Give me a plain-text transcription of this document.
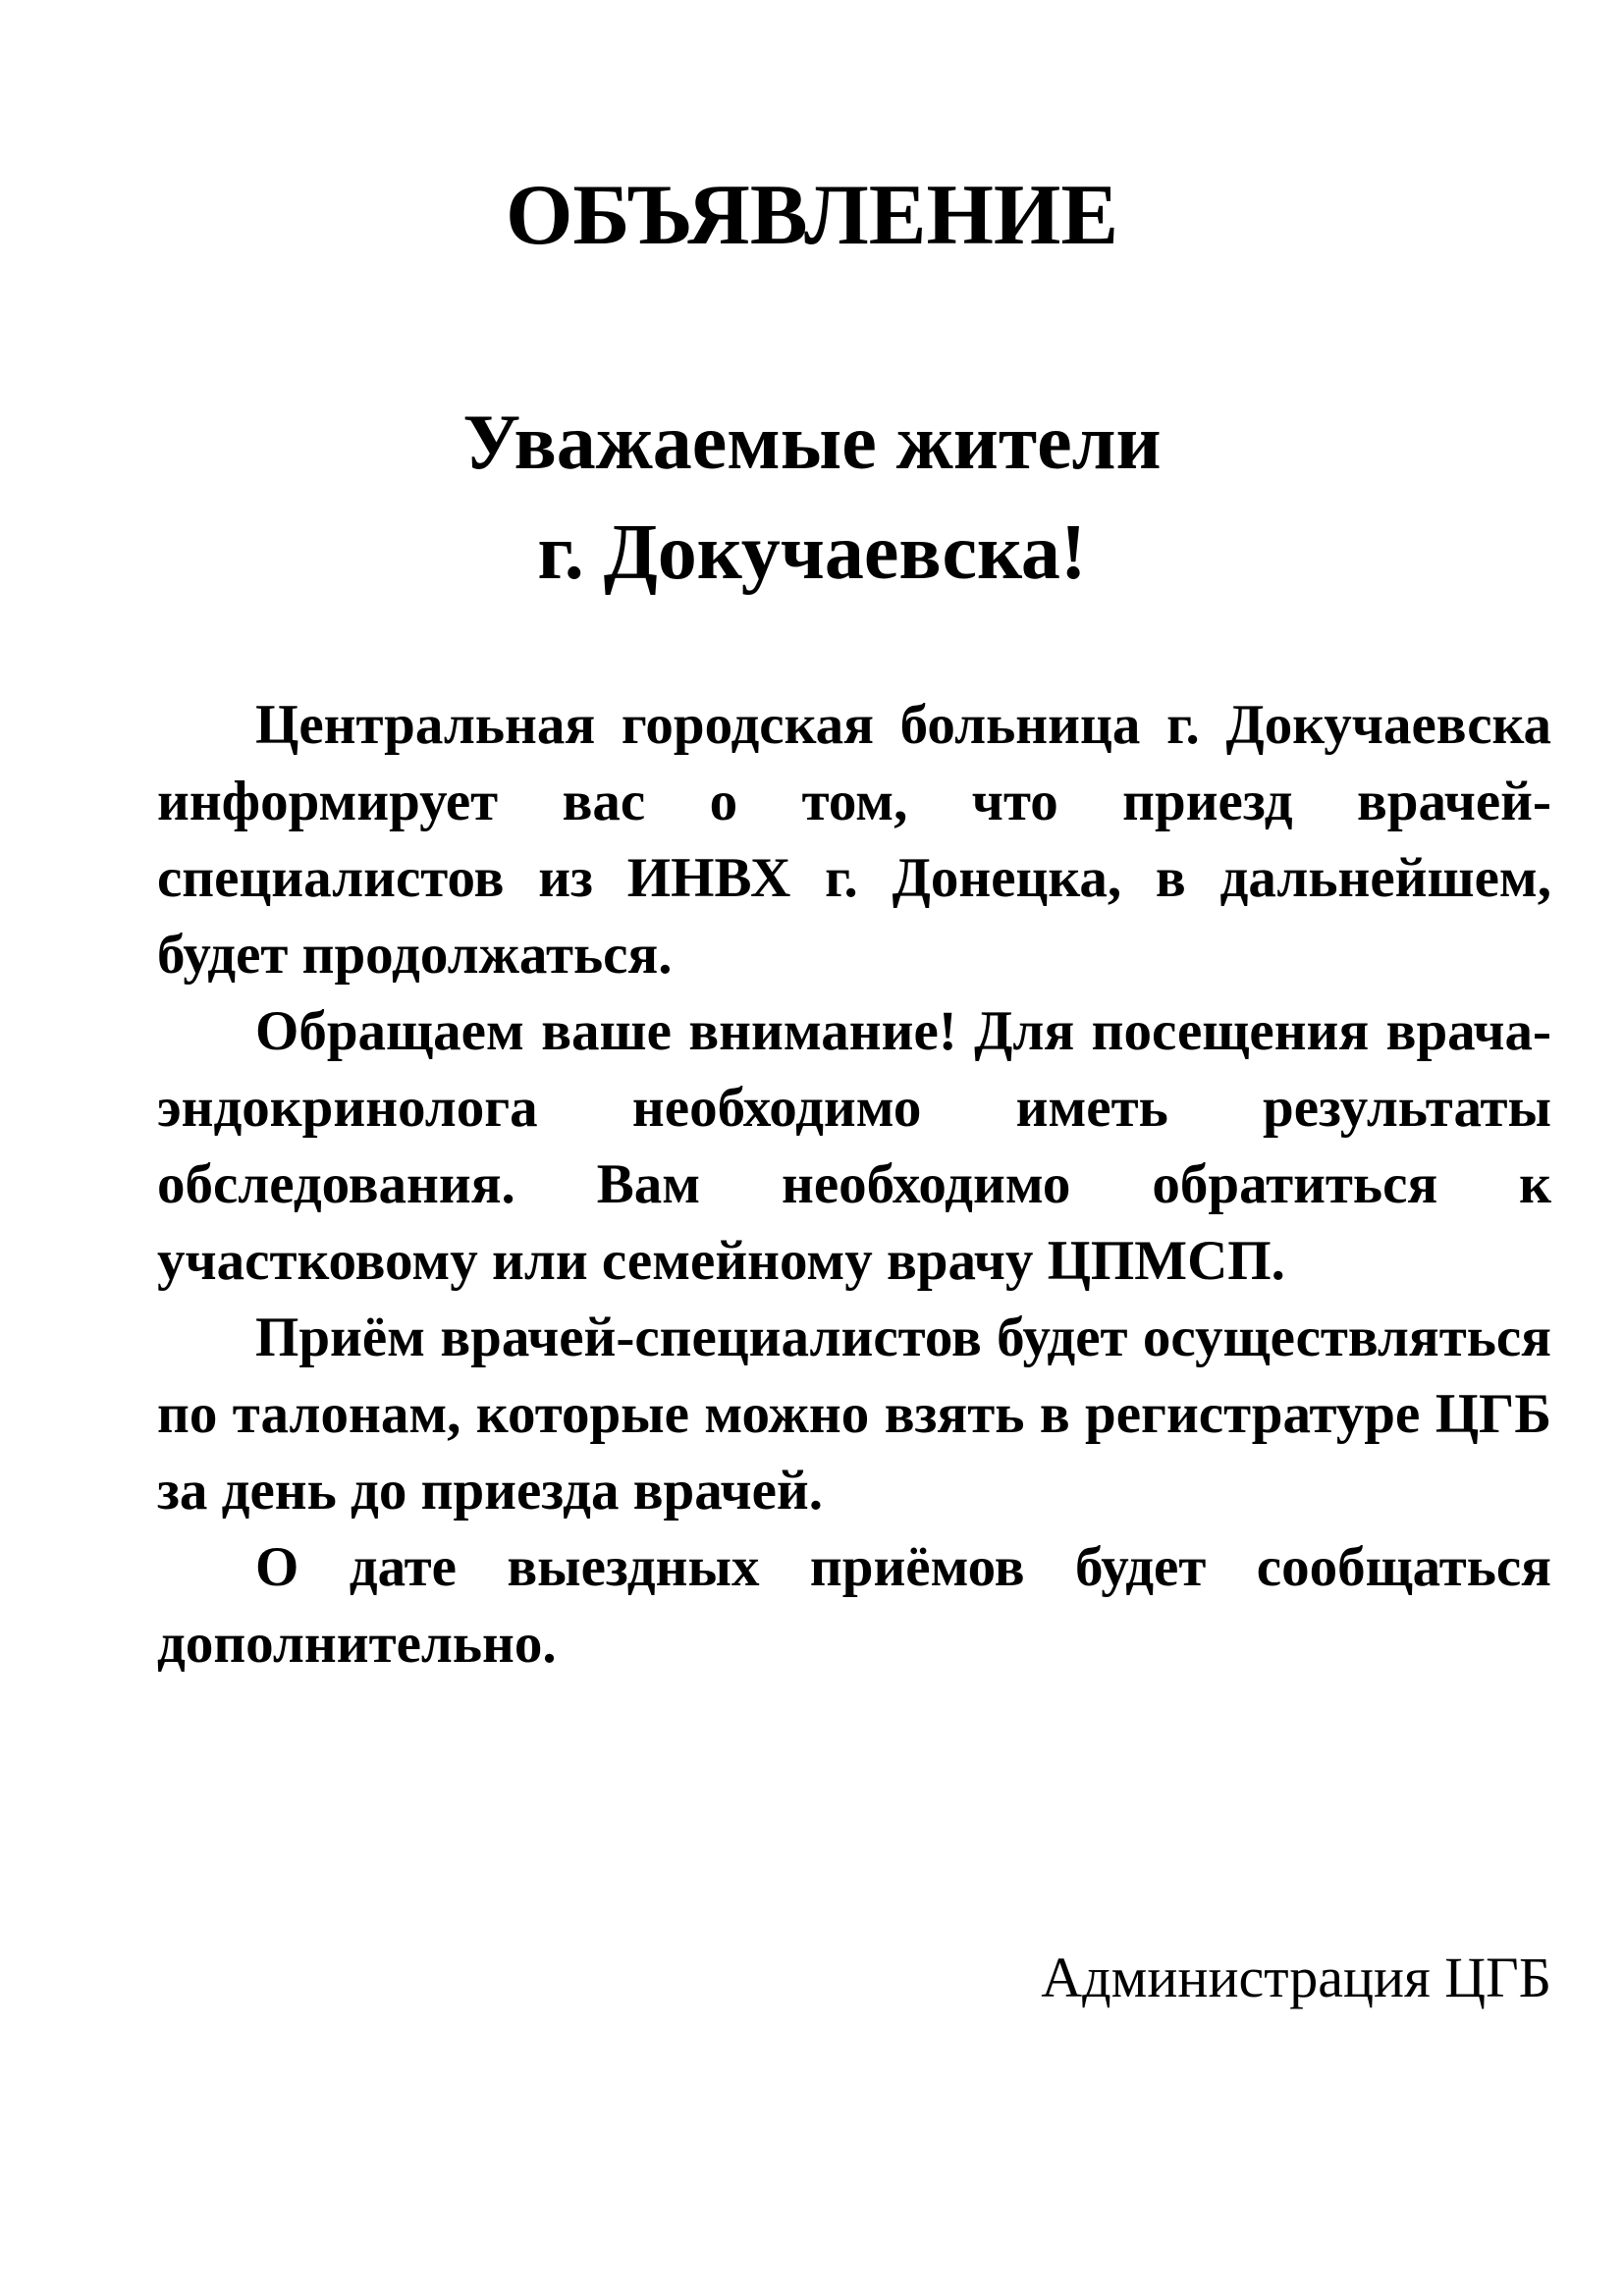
ОБЪЯВЛЕНИЕ
Уважаемые жители
г. Докучаевска!

Центральная городская больница г. Докучаевска информирует вас о том, что приезд врачей-специалистов из ИНВХ г. Донецка, в дальнейшем, будет продолжаться.

Обращаем ваше внимание! Для посещения врача-эндокринолога необходимо иметь результаты обследования. Вам необходимо обратиться к участковому или семейному врачу ЦПМСП.

Приём врачей-специалистов будет осуществляться по талонам, которые можно взять в регистратуре ЦГБ за день до приезда врачей.

О дате выездных приёмов будет сообщаться дополнительно.

Администрация ЦГБ
